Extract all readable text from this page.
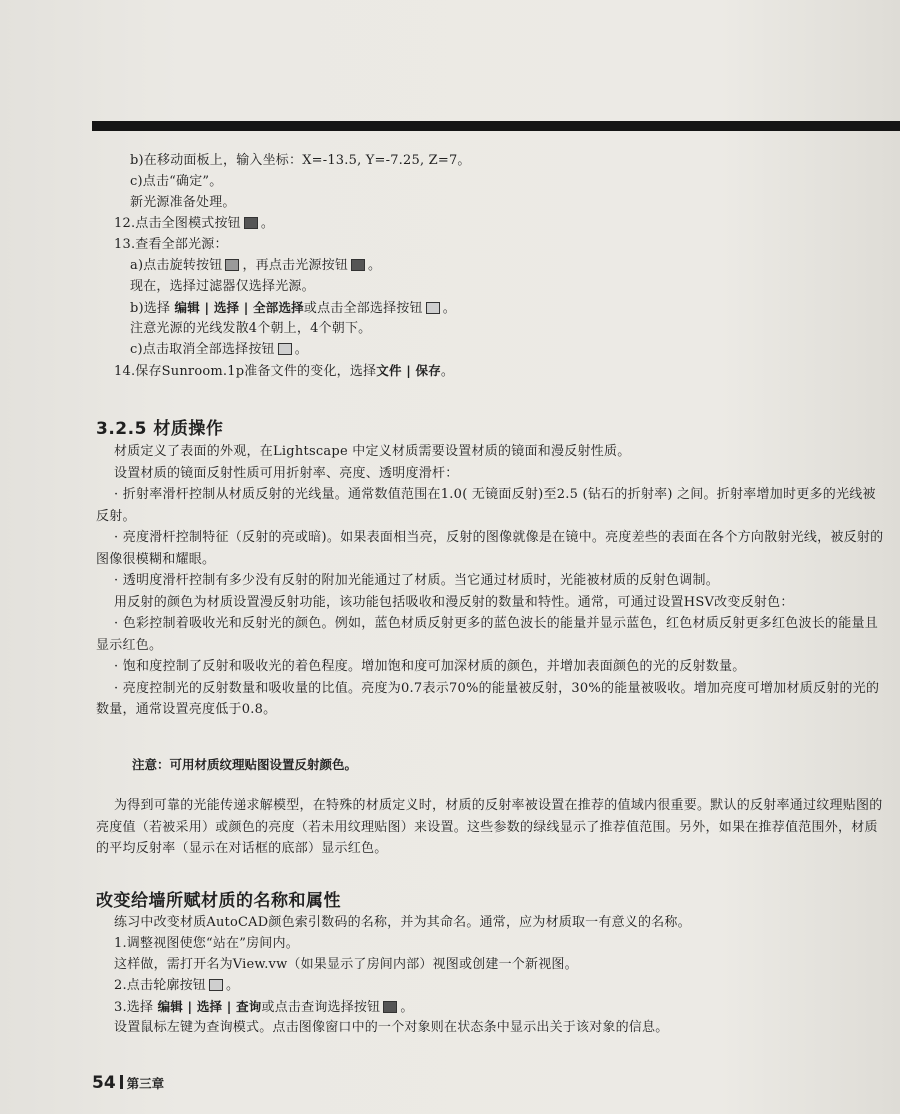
b)在移动面板上，输入坐标：X=-13.5, Y=-7.25, Z=7。
c)点击“确定”。
新光源准备处理。
12.点击全图模式按钮 。
13.查看全部光源：
a)点击旋转按钮 ，再点击光源按钮 。
现在，选择过滤器仅选择光源。
b)选择 编辑 | 选择 | 全部选择或点击全部选择按钮 。
注意光源的光线发散4个朝上，4个朝下。
c)点击取消全部选择按钮 。
14.保存Sunroom.1p准备文件的变化，选择文件 | 保存。
3.2.5 材质操作
材质定义了表面的外观，在Lightscape 中定义材质需要设置材质的镜面和漫反射性质。
设置材质的镜面反射性质可用折射率、亮度、透明度滑杆：
· 折射率滑杆控制从材质反射的光线量。通常数值范围在1.0( 无镜面反射)至2.5 (钻石的折射率) 之间。折射率增加时更多的光线被反射。
· 亮度滑杆控制特征（反射的亮或暗)。如果表面相当亮，反射的图像就像是在镜中。亮度差些的表面在各个方向散射光线，被反射的图像很模糊和耀眼。
· 透明度滑杆控制有多少没有反射的附加光能通过了材质。当它通过材质时，光能被材质的反射色调制。
用反射的颜色为材质设置漫反射功能，该功能包括吸收和漫反射的数量和特性。通常，可通过设置HSV改变反射色：
· 色彩控制着吸收光和反射光的颜色。例如，蓝色材质反射更多的蓝色波长的能量并显示蓝色，红色材质反射更多红色波长的能量且显示红色。
· 饱和度控制了反射和吸收光的着色程度。增加饱和度可加深材质的颜色，并增加表面颜色的光的反射数量。
· 亮度控制光的反射数量和吸收量的比值。亮度为0.7表示70%的能量被反射，30%的能量被吸收。增加亮度可增加材质反射的光的数量，通常设置亮度低于0.8。
注意：可用材质纹理贴图设置反射颜色。
为得到可靠的光能传递求解模型，在特殊的材质定义时，材质的反射率被设置在推荐的值域内很重要。默认的反射率通过纹理贴图的亮度值（若被采用）或颜色的亮度（若未用纹理贴图）来设置。这些参数的绿线显示了推荐值范围。另外，如果在推荐值范围外，材质的平均反射率（显示在对话框的底部）显示红色。
改变给墙所赋材质的名称和属性
练习中改变材质AutoCAD颜色索引数码的名称，并为其命名。通常，应为材质取一有意义的名称。
1.调整视图使您“站在”房间内。
这样做，需打开名为View.vw（如果显示了房间内部）视图或创建一个新视图。
2.点击轮廓按钮 。
3.选择 编辑 | 选择 | 查询或点击查询选择按钮 。
设置鼠标左键为查询模式。点击图像窗口中的一个对象则在状态条中显示出关于该对象的信息。
54 第三章
